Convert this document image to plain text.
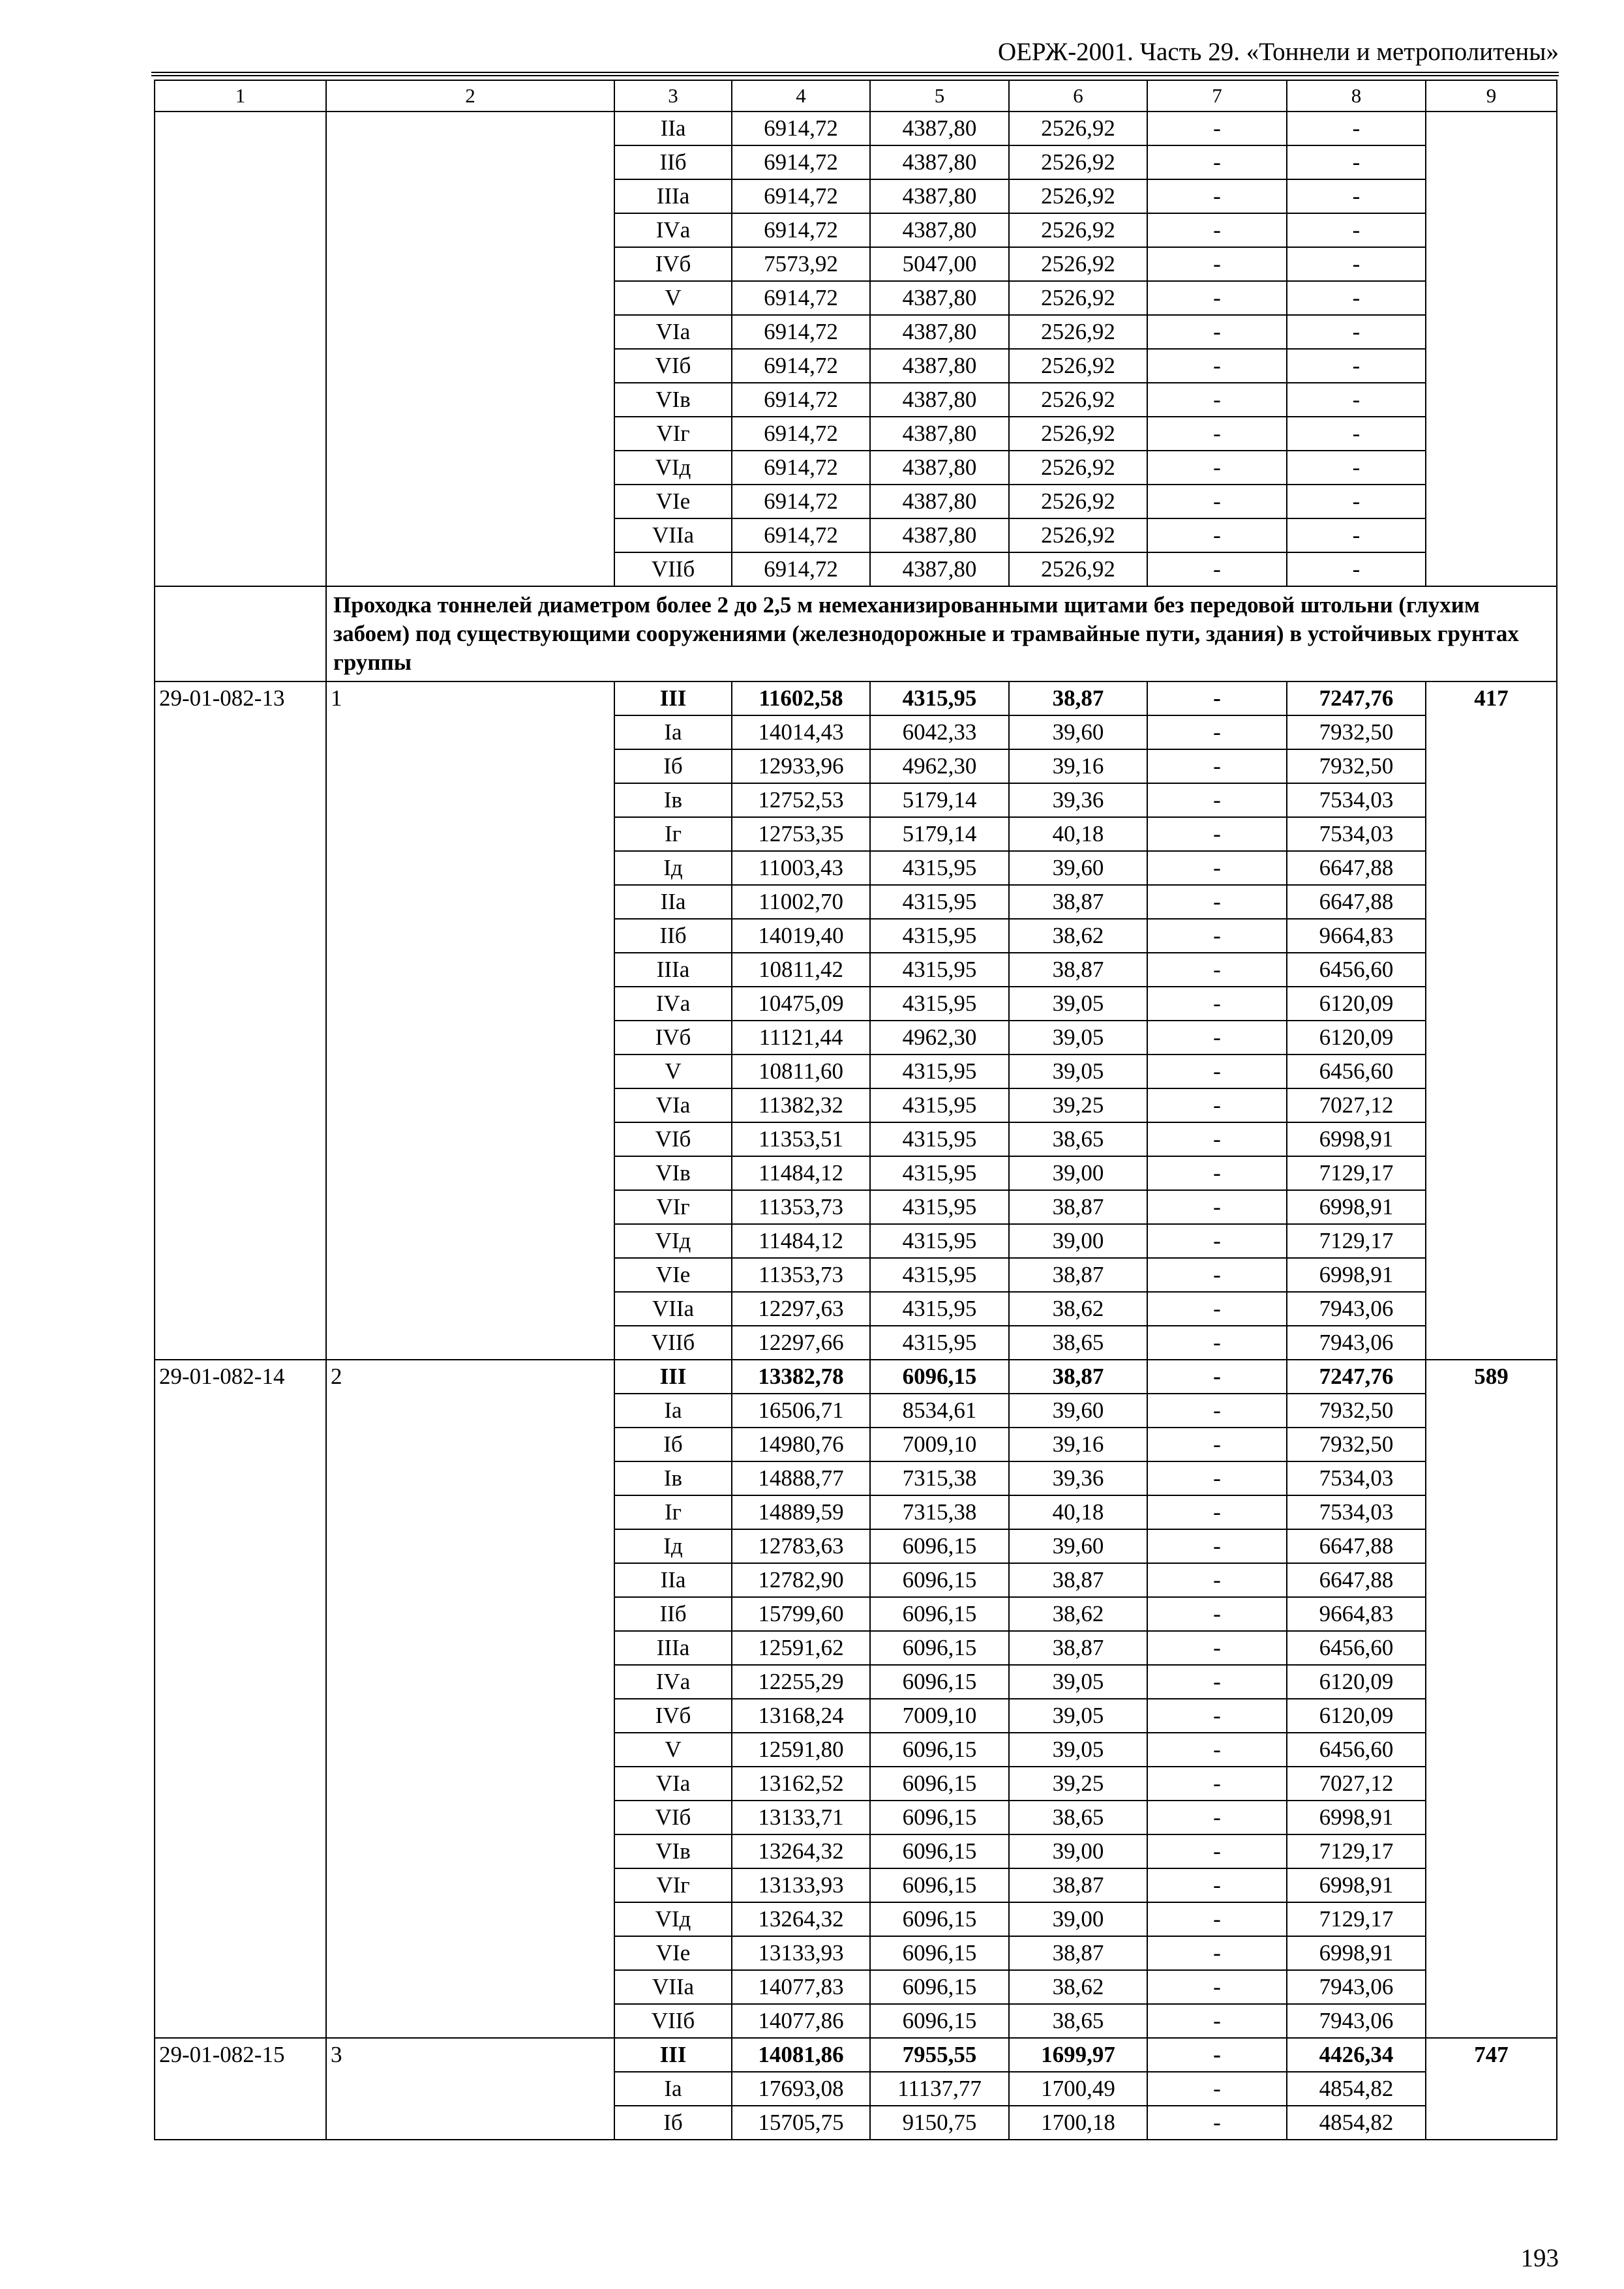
ОЕРЖ-2001. Часть 29. «Тоннели и метрополитены»
1	2	3	4	5	6	7	8	9
		IIа	6914,72	4387,80	2526,92	-	-	
		IIб	6914,72	4387,80	2526,92	-	-	
		IIIа	6914,72	4387,80	2526,92	-	-	
		IVа	6914,72	4387,80	2526,92	-	-	
		IVб	7573,92	5047,00	2526,92	-	-	
		V	6914,72	4387,80	2526,92	-	-	
		VIа	6914,72	4387,80	2526,92	-	-	
		VIб	6914,72	4387,80	2526,92	-	-	
		VIв	6914,72	4387,80	2526,92	-	-	
		VIг	6914,72	4387,80	2526,92	-	-	
		VIд	6914,72	4387,80	2526,92	-	-	
		VIе	6914,72	4387,80	2526,92	-	-	
		VIIа	6914,72	4387,80	2526,92	-	-	
		VIIб	6914,72	4387,80	2526,92	-	-	
	Проходка тоннелей диаметром более 2 до 2,5 м немеханизированными щитами без передовой штольни (глухим забоем) под существующими сооружениями (железнодорожные и трамвайные пути, здания) в устойчивых грунтах группы							
29-01-082-13	1	III	11602,58	4315,95	38,87	-	7247,76	417
		Iа	14014,43	6042,33	39,60	-	7932,50	
		Iб	12933,96	4962,30	39,16	-	7932,50	
		Iв	12752,53	5179,14	39,36	-	7534,03	
		Iг	12753,35	5179,14	40,18	-	7534,03	
		Iд	11003,43	4315,95	39,60	-	6647,88	
		IIа	11002,70	4315,95	38,87	-	6647,88	
		IIб	14019,40	4315,95	38,62	-	9664,83	
		IIIа	10811,42	4315,95	38,87	-	6456,60	
		IVа	10475,09	4315,95	39,05	-	6120,09	
		IVб	11121,44	4962,30	39,05	-	6120,09	
		V	10811,60	4315,95	39,05	-	6456,60	
		VIа	11382,32	4315,95	39,25	-	7027,12	
		VIб	11353,51	4315,95	38,65	-	6998,91	
		VIв	11484,12	4315,95	39,00	-	7129,17	
		VIг	11353,73	4315,95	38,87	-	6998,91	
		VIд	11484,12	4315,95	39,00	-	7129,17	
		VIе	11353,73	4315,95	38,87	-	6998,91	
		VIIа	12297,63	4315,95	38,62	-	7943,06	
		VIIб	12297,66	4315,95	38,65	-	7943,06	
29-01-082-14	2	III	13382,78	6096,15	38,87	-	7247,76	589
		Iа	16506,71	8534,61	39,60	-	7932,50	
		Iб	14980,76	7009,10	39,16	-	7932,50	
		Iв	14888,77	7315,38	39,36	-	7534,03	
		Iг	14889,59	7315,38	40,18	-	7534,03	
		Iд	12783,63	6096,15	39,60	-	6647,88	
		IIа	12782,90	6096,15	38,87	-	6647,88	
		IIб	15799,60	6096,15	38,62	-	9664,83	
		IIIа	12591,62	6096,15	38,87	-	6456,60	
		IVа	12255,29	6096,15	39,05	-	6120,09	
		IVб	13168,24	7009,10	39,05	-	6120,09	
		V	12591,80	6096,15	39,05	-	6456,60	
		VIа	13162,52	6096,15	39,25	-	7027,12	
		VIб	13133,71	6096,15	38,65	-	6998,91	
		VIв	13264,32	6096,15	39,00	-	7129,17	
		VIг	13133,93	6096,15	38,87	-	6998,91	
		VIд	13264,32	6096,15	39,00	-	7129,17	
		VIе	13133,93	6096,15	38,87	-	6998,91	
		VIIа	14077,83	6096,15	38,62	-	7943,06	
		VIIб	14077,86	6096,15	38,65	-	7943,06	
29-01-082-15	3	III	14081,86	7955,55	1699,97	-	4426,34	747
		Iа	17693,08	11137,77	1700,49	-	4854,82	
		Iб	15705,75	9150,75	1700,18	-	4854,82	
193
